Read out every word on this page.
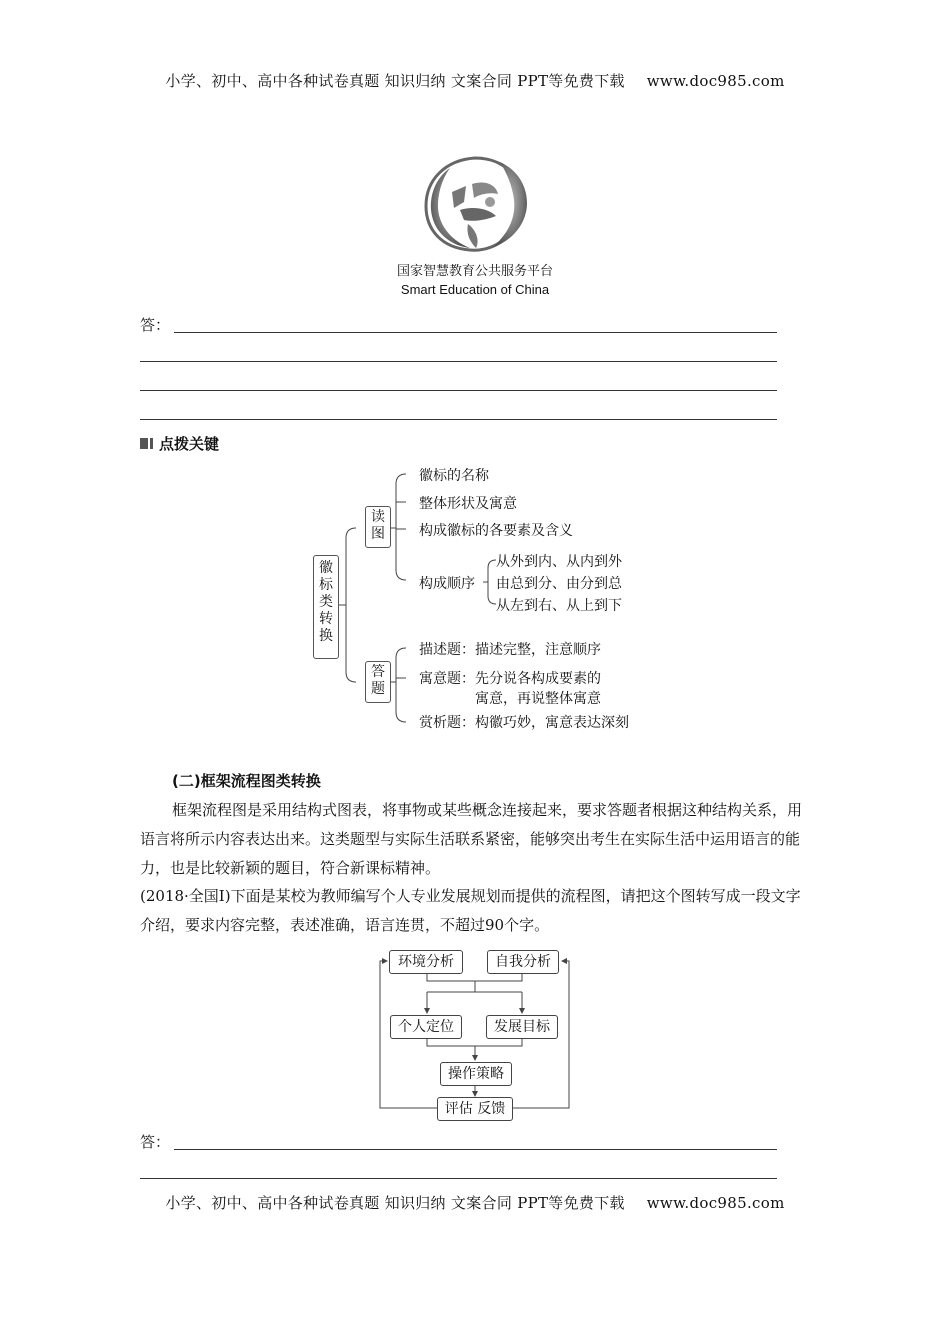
小学、初中、高中各种试卷真题 知识归纳 文案合同 PPT等免费下载 www.doc985.com
国家智慧教育公共服务平台
Smart Education of China
答：
点拨关键
徽标类转换
读图
答题
徽标的名称
整体形状及寓意
构成徽标的各要素及含义
构成顺序
从外到内、从内到外
由总到分、由分到总
从左到右、从上到下
描述题：描述完整，注意顺序
寓意题：先分说各构成要素的
寓意，再说整体寓意
赏析题：构徽巧妙，寓意表达深刻
(二)框架流程图类转换
框架流程图是采用结构式图表，将事物或某些概念连接起来，要求答题者根据这种结构关系，用语言将所示内容表达出来。这类题型与实际生活联系紧密，能够突出考生在实际生活中运用语言的能力，也是比较新颖的题目，符合新课标精神。
(2018·全国Ⅰ)下面是某校为教师编写个人专业发展规划而提供的流程图，请把这个图转写成一段文字介绍，要求内容完整，表述准确，语言连贯，不超过90个字。
环境分析	自我分析
个人定位	发展目标
操作策略
评估 反馈
答：
小学、初中、高中各种试卷真题 知识归纳 文案合同 PPT等免费下载 www.doc985.com
